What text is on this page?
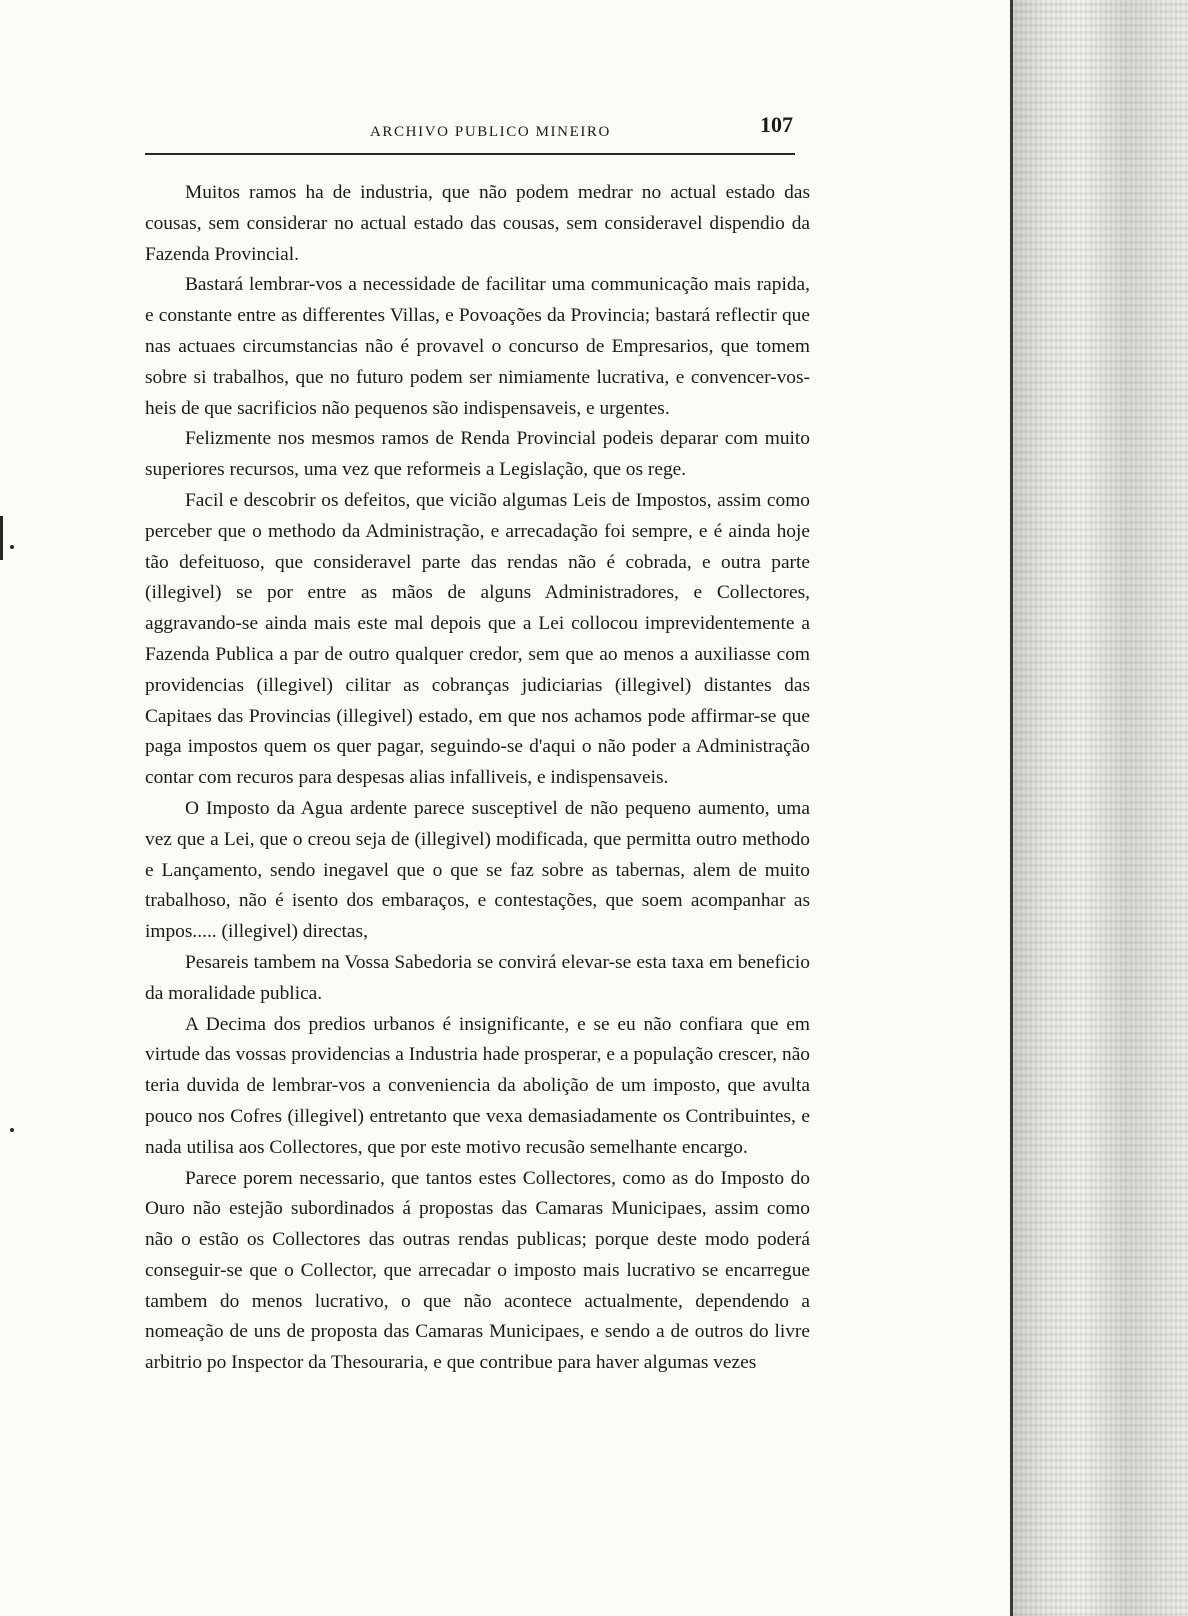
ARCHIVO PUBLICO MINEIRO	107

Muitos ramos ha de industria, que não podem medrar no actual estado das cousas, sem considerar no actual estado das cousas, sem consideravel dispendio da Fazenda Provincial.

Bastará lembrar-vos a necessidade de facilitar uma communicação mais rapida, e constante entre as differentes Villas, e Povoações da Provincia; bastará reflectir que nas actuaes circumstancias não é provavel o concurso de Empresarios, que tomem sobre si trabalhos, que no futuro podem ser nimiamente lucrativa, e convencer-vos-heis de que sacrificios não pequenos são indispensaveis, e urgentes.

Felizmente nos mesmos ramos de Renda Provincial podeis deparar com muito superiores recursos, uma vez que reformeis a Legislação, que os rege.

Facil e descobrir os defeitos, que vicião algumas Leis de Impostos, assim como perceber que o methodo da Administração, e arrecadação foi sempre, e é ainda hoje tão defeituoso, que consideravel parte das rendas não é cobrada, e outra parte (illegivel) se por entre as mãos de alguns Administradores, e Collectores, aggravando-se ainda mais este mal depois que a Lei collocou imprevidentemente a Fazenda Publica a par de outro qualquer credor, sem que ao menos a auxiliasse com providencias (illegivel) cilitar as cobranças judiciarias (illegivel) distantes das Capitaes das Provincias (illegivel) estado, em que nos achamos pode affirmar-se que paga impostos quem os quer pagar, seguindo-se d'aqui o não poder a Administração contar com recuros para despesas alias infalliveis, e indispensaveis.

O Imposto da Agua ardente parece susceptivel de não pequeno aumento, uma vez que a Lei, que o creou seja de (illegivel) modificada, que permitta outro methodo e Lançamento, sendo inegavel que o que se faz sobre as tabernas, alem de muito trabalhoso, não é isento dos embaraços, e contestações, que soem acompanhar as impos..... (illegivel) directas,

Pesareis tambem na Vossa Sabedoria se convirá elevar-se esta taxa em beneficio da moralidade publica.

A Decima dos predios urbanos é insignificante, e se eu não confiara que em virtude das vossas providencias a Industria hade prosperar, e a população crescer, não teria duvida de lembrar-vos a conveniencia da abolição de um imposto, que avulta pouco nos Cofres (illegivel) entretanto que vexa demasiadamente os Contribuintes, e nada utilisa aos Collectores, que por este motivo recusão semelhante encargo.

Parece porem necessario, que tantos estes Collectores, como as do Imposto do Ouro não estejão subordinados á propostas das Camaras Municipaes, assim como não o estão os Collectores das outras rendas publicas; porque deste modo poderá conseguir-se que o Collector, que arrecadar o imposto mais lucrativo se encarregue tambem do menos lucrativo, o que não acontece actualmente, dependendo a nomeação de uns de proposta das Camaras Municipaes, e sendo a de outros do livre arbitrio po Inspector da Thesouraria, e que contribue para haver algumas vezes
